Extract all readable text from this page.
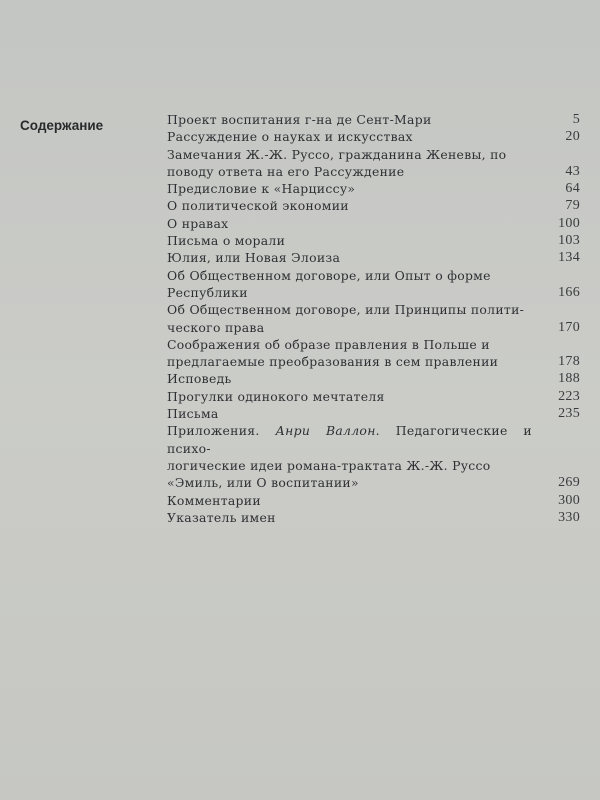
Содержание	Проект воспитания г-на де Сент-Мари	5
Рассуждение о науках и искусствах	20
Замечания Ж.-Ж. Руссо, гражданина Женевы, по
поводу ответа на его Рассуждение	43
Предисловие к «Нарциссу»	64
О политической экономии	79
О нравах	100
Письма о морали	103
Юлия, или Новая Элоиза	134
Об Общественном договоре, или Опыт о форме
Республики	166
Об Общественном договоре, или Принципы полити-
ческого права	170
Соображения об образе правления в Польше и
предлагаемые преобразования в сем правлении	178
Исповедь	188
Прогулки одинокого мечтателя	223
Письма	235
Приложения. Анри Валлон. Педагогические и психо-
логические идеи романа-трактата Ж.-Ж. Руссо
«Эмиль, или О воспитании»	269
Комментарии	300
Указатель имен	330
